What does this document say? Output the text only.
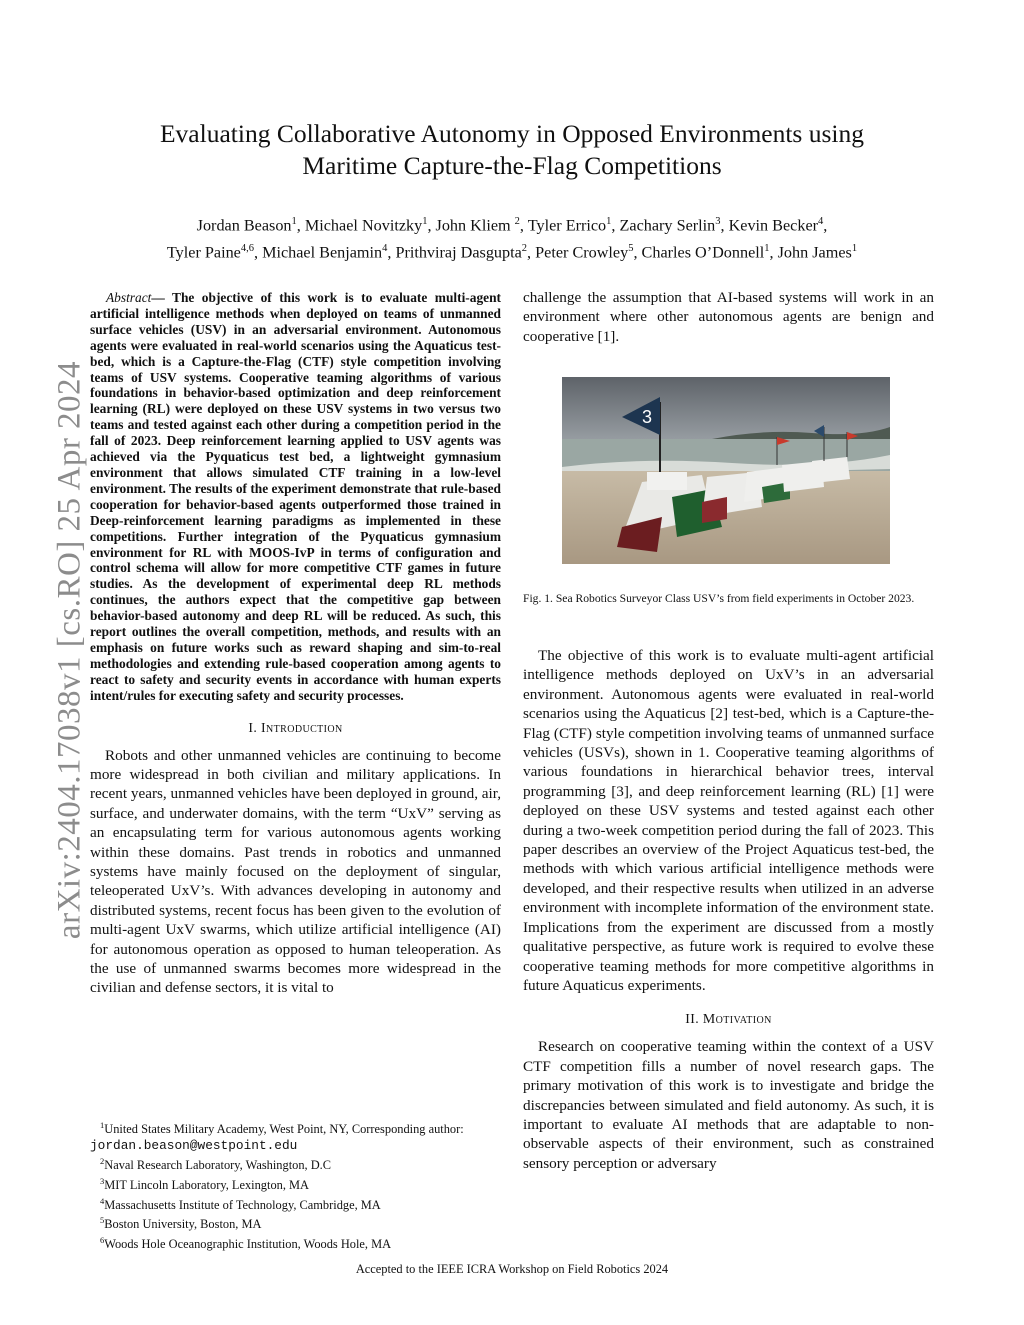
arXiv:2404.17038v1 [cs.RO] 25 Apr 2024
Evaluating Collaborative Autonomy in Opposed Environments using
Maritime Capture-the-Flag Competitions
Jordan Beason$^1$, Michael Novitzky$^1$, John Kliem $^2$, Tyler Errico$^1$, Zachary Serlin$^3$, Kevin Becker$^4$,
Tyler Paine$^{4,6}$, Michael Benjamin$^4$, Prithviraj Dasgupta$^2$, Peter Crowley$^5$, Charles O’Donnell$^1$, John James$^1$

Abstract— The objective of this work is to evaluate multi-agent artificial intelligence methods when deployed on teams of unmanned surface vehicles (USV) in an adversarial environment. Autonomous agents were evaluated in real-world scenarios using the Aquaticus test-bed, which is a Capture-the-Flag (CTF) style competition involving teams of USV systems. Cooperative teaming algorithms of various foundations in behavior-based optimization and deep reinforcement learning (RL) were deployed on these USV systems in two versus two teams and tested against each other during a competition period in the fall of 2023. Deep reinforcement learning applied to USV agents was achieved via the Pyquaticus test bed, a lightweight gymnasium environment that allows simulated CTF training in a low-level environment. The results of the experiment demonstrate that rule-based cooperation for behavior-based agents outperformed those trained in Deep-reinforcement learning paradigms as implemented in these competitions. Further integration of the Pyquaticus gymnasium environment for RL with MOOS-IvP in terms of configuration and control schema will allow for more competitive CTF games in future studies. As the development of experimental deep RL methods continues, the authors expect that the competitive gap between behavior-based autonomy and deep RL will be reduced. As such, this report outlines the overall competition, methods, and results with an emphasis on future works such as reward shaping and sim-to-real methodologies and extending rule-based cooperation among agents to react to safety and security events in accordance with human experts intent/rules for executing safety and security processes.

I. Introduction

Robots and other unmanned vehicles are continuing to become more widespread in both civilian and military applications. In recent years, unmanned vehicles have been deployed in ground, air, surface, and underwater domains, with the term “UxV” serving as an encapsulating term for various autonomous agents working within these domains. Past trends in robotics and unmanned systems have mainly focused on the deployment of singular, teleoperated UxV’s. With advances developing in autonomy and distributed systems, recent focus has been given to the evolution of multi-agent UxV swarms, which utilize artificial intelligence (AI) for autonomous operation as opposed to human teleoperation. As the use of unmanned swarms becomes more widespread in the civilian and defense sectors, it is vital to

$^1$United States Military Academy, West Point, NY, Corresponding author:
jordan.beason@westpoint.edu
$^2$Naval Research Laboratory, Washington, D.C
$^3$MIT Lincoln Laboratory, Lexington, MA
$^4$Massachusetts Institute of Technology, Cambridge, MA
$^5$Boston University, Boston, MA
$^6$Woods Hole Oceanographic Institution, Woods Hole, MA

challenge the assumption that AI-based systems will work in an environment where other autonomous agents are benign and cooperative [1].

3
Fig. 1. Sea Robotics Surveyor Class USV’s from field experiments in October 2023.

The objective of this work is to evaluate multi-agent artificial intelligence methods deployed on UxV’s in an adversarial environment. Autonomous agents were evaluated in real-world scenarios using the Aquaticus [2] test-bed, which is a Capture-the-Flag (CTF) style competition involving teams of unmanned surface vehicles (USVs), shown in 1. Cooperative teaming algorithms of various foundations in hierarchical behavior trees, interval programming [3], and deep reinforcement learning (RL) [1] were deployed on these USV systems and tested against each other during a two-week competition period during the fall of 2023. This paper describes an overview of the Project Aquaticus test-bed, the methods with which various artificial intelligence methods were developed, and their respective results when utilized in an adverse environment with incomplete information of the environment state. Implications from the experiment are discussed from a mostly qualitative perspective, as future work is required to evolve these cooperative teaming methods for more competitive algorithms in future Aquaticus experiments.

II. Motivation

Research on cooperative teaming within the context of a USV CTF competition fills a number of novel research gaps. The primary motivation of this work is to investigate and bridge the discrepancies between simulated and field autonomy. As such, it is important to evaluate AI methods that are adaptable to non-observable aspects of their environment, such as constrained sensory perception or adversary

Accepted to the IEEE ICRA Workshop on Field Robotics 2024
